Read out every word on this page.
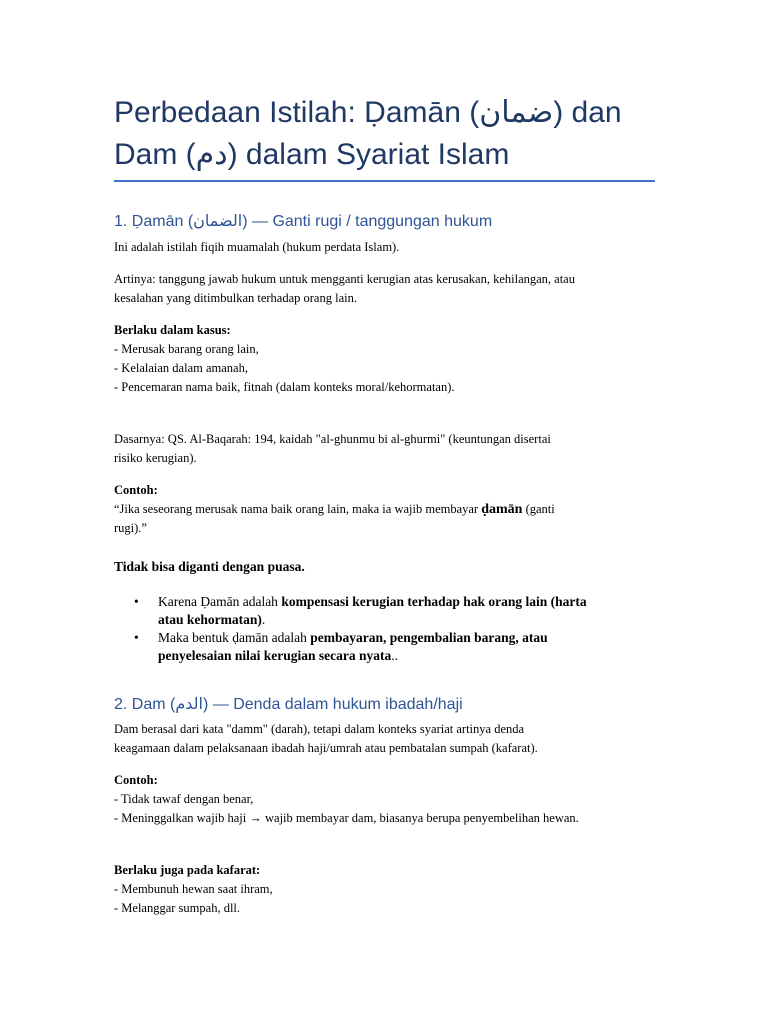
Perbedaan Istilah: Ḍamān (ضمان) dan
Dam (دم) dalam Syariat Islam
1. Ḍamān (الضمان) — Ganti rugi / tanggungan hukum

Ini adalah istilah fiqih muamalah (hukum perdata Islam).

Artinya: tanggung jawab hukum untuk mengganti kerugian atas kerusakan, kehilangan, atau
kesalahan yang ditimbulkan terhadap orang lain.

Berlaku dalam kasus:
- Merusak barang orang lain,
- Kelalaian dalam amanah,
- Pencemaran nama baik, fitnah (dalam konteks moral/kehormatan).

Dasarnya: QS. Al-Baqarah: 194, kaidah "al-ghunmu bi al-ghurmi" (keuntungan disertai
risiko kerugian).

Contoh:
“Jika seseorang merusak nama baik orang lain, maka ia wajib membayar ḍamān (ganti
rugi).”

Tidak bisa diganti dengan puasa.

• Karena Ḍamān adalah kompensasi kerugian terhadap hak orang lain (harta
atau kehormatan).
• Maka bentuk ḍamān adalah pembayaran, pengembalian barang, atau
penyelesaian nilai kerugian secara nyata..
2. Dam (الدم) — Denda dalam hukum ibadah/haji

Dam berasal dari kata "damm" (darah), tetapi dalam konteks syariat artinya denda
keagamaan dalam pelaksanaan ibadah haji/umrah atau pembatalan sumpah (kafarat).

Contoh:
- Tidak tawaf dengan benar,
- Meninggalkan wajib haji → wajib membayar dam, biasanya berupa penyembelihan hewan.

Berlaku juga pada kafarat:
- Membunuh hewan saat ihram,
- Melanggar sumpah, dll.
